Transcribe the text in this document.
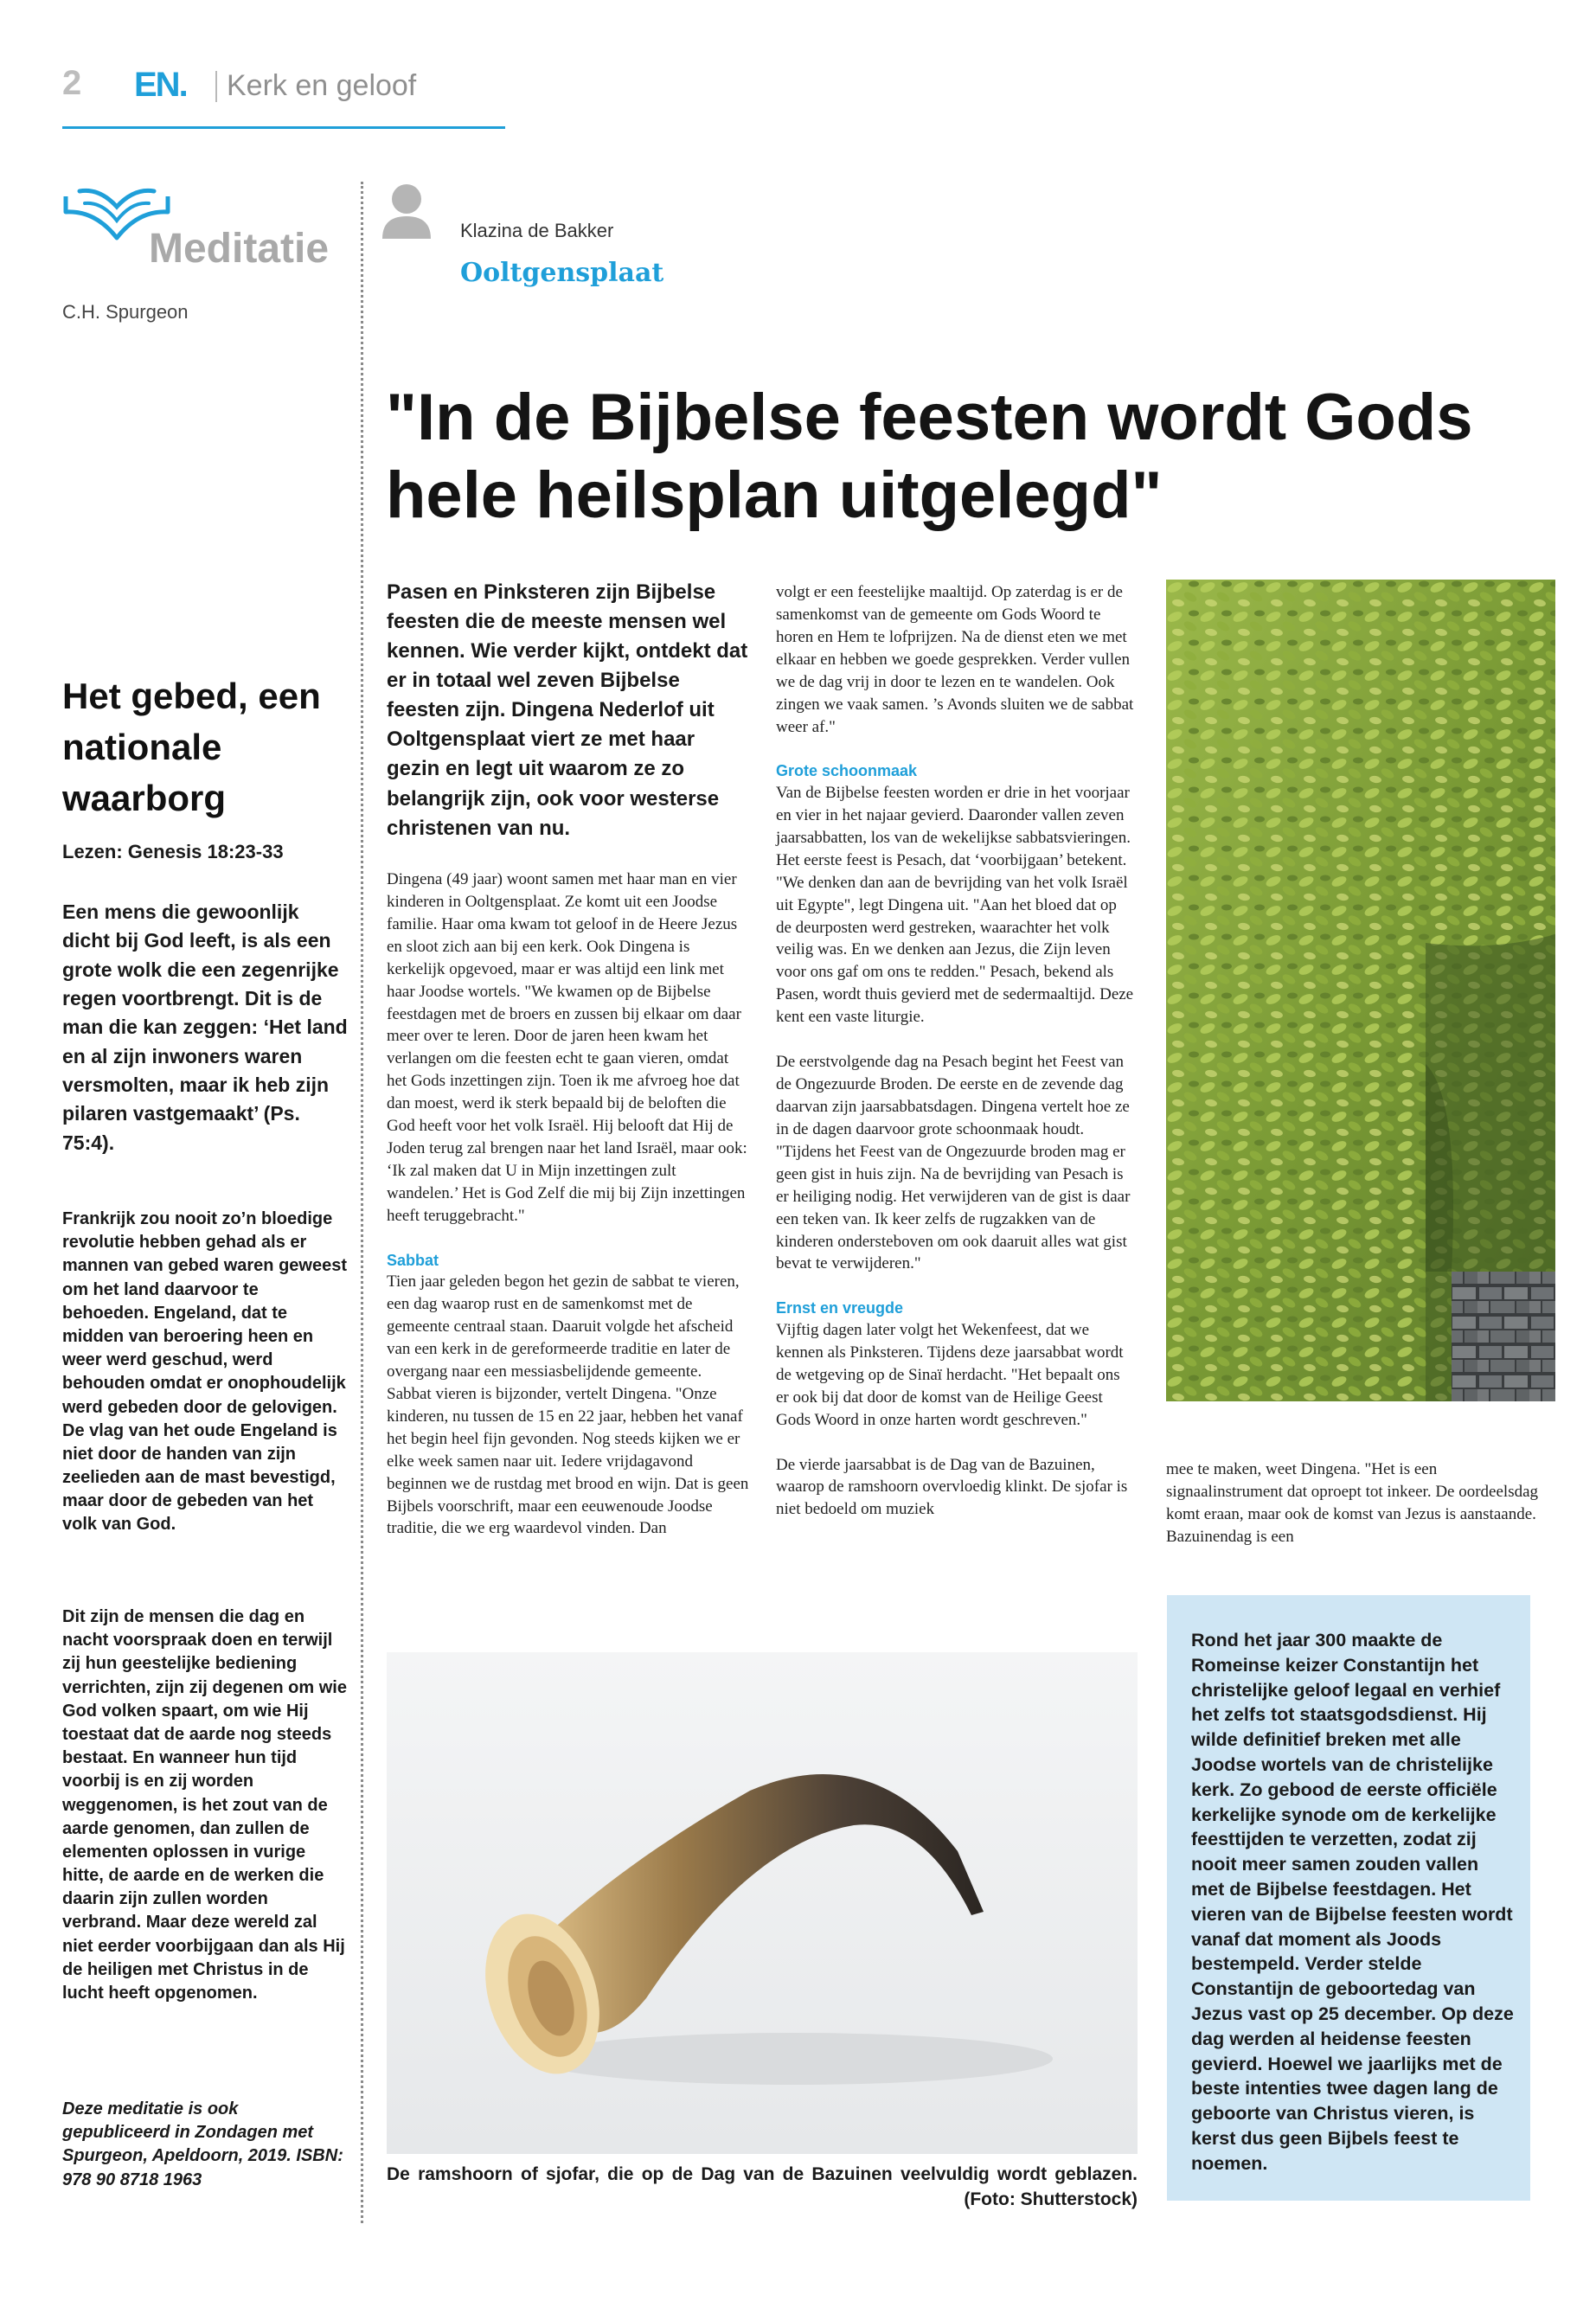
2 EN. Kerk en geloof
Meditatie
C.H. Spurgeon
Het gebed, een nationale waarborg
Lezen: Genesis 18:23-33
Een mens die gewoonlijk dicht bij God leeft, is als een grote wolk die een zegenrijke regen voortbrengt. Dit is de man die kan zeggen: ‘Het land en al zijn inwoners waren versmolten, maar ik heb zijn pilaren vastgemaakt’ (Ps. 75:4).
Frankrijk zou nooit zo’n bloedige revolutie hebben gehad als er mannen van gebed waren geweest om het land daarvoor te behoeden. Engeland, dat te midden van beroering heen en weer werd geschud, werd behouden omdat er onophoudelijk werd gebeden door de gelovigen. De vlag van het oude Engeland is niet door de handen van zijn zeelieden aan de mast bevestigd, maar door de gebeden van het volk van God.
Dit zijn de mensen die dag en nacht voorspraak doen en terwijl zij hun geestelijke bediening verrichten, zijn zij degenen om wie God volken spaart, om wie Hij toestaat dat de aarde nog steeds bestaat. En wanneer hun tijd voorbij is en zij worden weggenomen, is het zout van de aarde genomen, dan zullen de elementen oplossen in vurige hitte, de aarde en de werken die daarin zijn zullen worden verbrand. Maar deze wereld zal niet eerder voorbijgaan dan als Hij de heiligen met Christus in de lucht heeft opgenomen.
Deze meditatie is ook gepubliceerd in Zondagen met Spurgeon, Apeldoorn, 2019. ISBN: 978 90 8718 1963
Klazina de Bakker
Ooltgensplaat
"In de Bijbelse feesten wordt Gods hele heilsplan uitgelegd"
Pasen en Pinksteren zijn Bijbelse feesten die de meeste mensen wel kennen. Wie verder kijkt, ontdekt dat er in totaal wel zeven Bijbelse feesten zijn. Dingena Nederlof uit Ooltgensplaat viert ze met haar gezin en legt uit waarom ze zo belangrijk zijn, ook voor westerse christenen van nu.

Dingena (49 jaar) woont samen met haar man en vier kinderen in Ooltgensplaat. Ze komt uit een Joodse familie. Haar oma kwam tot geloof in de Heere Jezus en sloot zich aan bij een kerk. Ook Dingena is kerkelijk opgevoed, maar er was altijd een link met haar Joodse wortels. "We kwamen op de Bijbelse feestdagen met de broers en zussen bij elkaar om daar meer over te leren. Door de jaren heen kwam het verlangen om die feesten echt te gaan vieren, omdat het Gods inzettingen zijn. Toen ik me afvroeg hoe dat dan moest, werd ik sterk bepaald bij de beloften die God heeft voor het volk Israël. Hij belooft dat Hij de Joden terug zal brengen naar het land Israël, maar ook: ‘Ik zal maken dat U in Mijn inzettingen zult wandelen.’ Het is God Zelf die mij bij Zijn inzettingen heeft teruggebracht."

Sabbat

Tien jaar geleden begon het gezin de sabbat te vieren, een dag waarop rust en de samenkomst met de gemeente centraal staan. Daaruit volgde het afscheid van een kerk in de gereformeerde traditie en later de overgang naar een messiasbelijdende gemeente. Sabbat vieren is bijzonder, vertelt Dingena. "Onze kinderen, nu tussen de 15 en 22 jaar, hebben het vanaf het begin heel fijn gevonden. Nog steeds kijken we er elke week samen naar uit. Iedere vrijdagavond beginnen we de rustdag met brood en wijn. Dat is geen Bijbels voorschrift, maar een eeuwenoude Joodse traditie, die we erg waardevol vinden. Dan

volgt er een feestelijke maaltijd. Op zaterdag is er de samenkomst van de gemeente om Gods Woord te horen en Hem te lofprijzen. Na de dienst eten we met elkaar en hebben we goede gesprekken. Verder vullen we de dag vrij in door te lezen en te wandelen. Ook zingen we vaak samen. ’s Avonds sluiten we de sabbat weer af."

Grote schoonmaak

Van de Bijbelse feesten worden er drie in het voorjaar en vier in het najaar gevierd. Daaronder vallen zeven jaarsabbatten, los van de wekelijkse sabbatsvieringen. Het eerste feest is Pesach, dat ‘voorbijgaan’ betekent. "We denken dan aan de bevrijding van het volk Israël uit Egypte", legt Dingena uit. "Aan het bloed dat op de deurposten werd gestreken, waarachter het volk veilig was. En we denken aan Jezus, die Zijn leven voor ons gaf om ons te redden." Pesach, bekend als Pasen, wordt thuis gevierd met de sedermaaltijd. Deze kent een vaste liturgie.

De eerstvolgende dag na Pesach begint het Feest van de Ongezuurde Broden. De eerste en de zevende dag daarvan zijn jaarsabbatsdagen. Dingena vertelt hoe ze in de dagen daarvoor grote schoonmaak houdt. "Tijdens het Feest van de Ongezuurde broden mag er geen gist in huis zijn. Na de bevrijding van Pesach is er heiliging nodig. Het verwijderen van de gist is daar een teken van. Ik keer zelfs de rugzakken van de kinderen ondersteboven om ook daaruit alles wat gist bevat te verwijderen."

Ernst en vreugde

Vijftig dagen later volgt het Wekenfeest, dat we kennen als Pinksteren. Tijdens deze jaarsabbat wordt de wetgeving op de Sinaï herdacht. "Het bepaalt ons er ook bij dat door de komst van de Heilige Geest Gods Woord in onze harten wordt geschreven."

De vierde jaarsabbat is de Dag van de Bazuinen, waarop de ramshoorn overvloedig klinkt. De sjofar is niet bedoeld om muziek

mee te maken, weet Dingena. "Het is een signaalinstrument dat oproept tot inkeer. De oordeelsdag komt eraan, maar ook de komst van Jezus is aanstaande. Bazuinendag is een

De ramshoorn of sjofar, die op de Dag van de Bazuinen veelvuldig wordt geblazen. (Foto: Shutterstock)
Rond het jaar 300 maakte de Romeinse keizer Constantijn het christelijke geloof legaal en verhief het zelfs tot staatsgodsdienst. Hij wilde definitief breken met alle Joodse wortels van de christelijke kerk. Zo gebood de eerste officiële kerkelijke synode om de kerkelijke feesttijden te verzetten, zodat zij nooit meer samen zouden vallen met de Bijbelse feestdagen. Het vieren van de Bijbelse feesten wordt vanaf dat moment als Joods bestempeld. Verder stelde Constantijn de geboortedag van Jezus vast op 25 december. Op deze dag werden al heidense feesten gevierd. Hoewel we jaarlijks met de beste intenties twee dagen lang de geboorte van Christus vieren, is kerst dus geen Bijbels feest te noemen.
